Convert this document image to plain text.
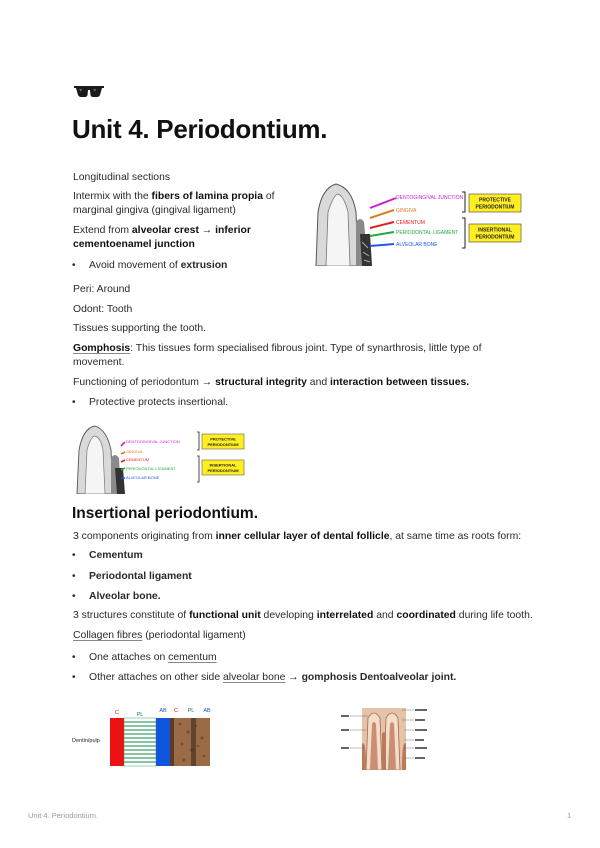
Unit 4. Periodontium.

Longitudinal sections

Intermix with the fibers of lamina propia of
marginal gingiva (gingival ligament)

Extend from alveolar crest → inferior
cementoenamel junction

• Avoid movement of extrusion
DENTOGINGIVAL JUNCTION
GINGIVA
CEMENTUM
PERIODONTAL LIGAMENT
ALVEOLAR BONE
PROTECTIVE
PERIODONTIUM
INSERTIONAL
PERIODONTIUM

Peri: Around

Odont: Tooth

Tissues supporting the tooth.

Gomphosis: This tissues form specialised fibrous joint. Type of synarthrosis, little type of
movement.

Functioning of periodontum → structural integrity and interaction between tissues.

• Protective protects insertional.
DENTOGINGIVAL JUNCTION
GINGIVA
CEMENTUM
PERIODONTAL LIGAMENT
ALVEOLAR BONE
PROTECTIVE
PERIODONTIUM
INSERTIONAL
PERIODONTIUM
Insertional periodontium.

3 components originating from inner cellular layer of dental follicle, at same time as roots form:

• Cementum
• Periodontal ligament
• Alveolar bone.

3 structures constitute of functional unit developing interrelated and coordinated during life tooth.

Collagen fibres (periodontal ligament)

• One attaches on cementum
• Other attaches on other side alveolar bone → gomphosis Dentoalveolar joint.
Dentin/pulp
C	PL
AB C PL AB
Unit 4. Periodontium.	1
